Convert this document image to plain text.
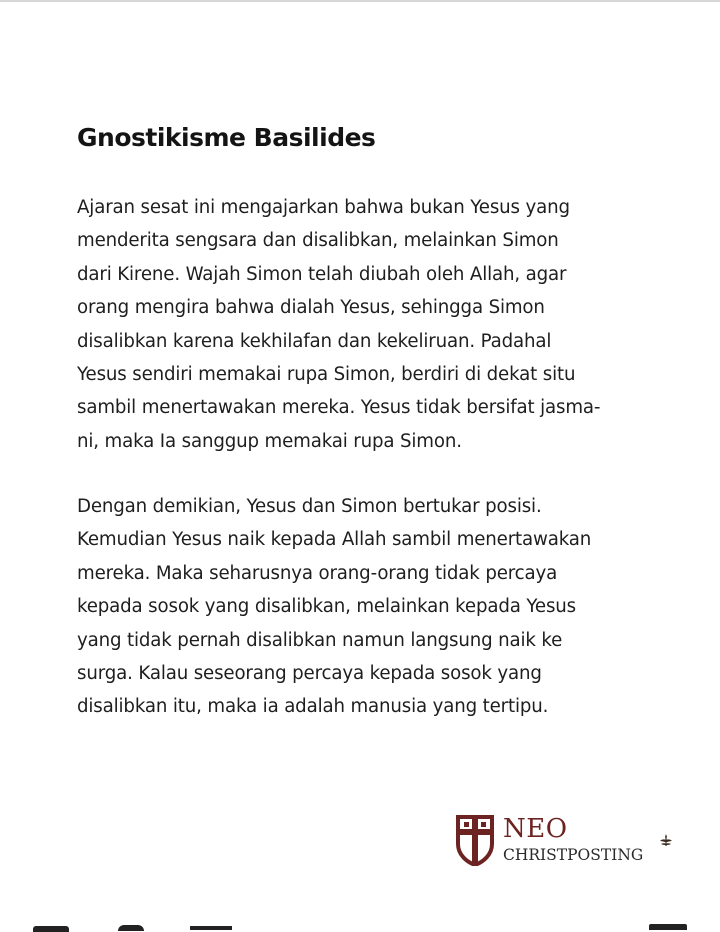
Gnostikisme Basilides

Ajaran sesat ini mengajarkan bahwa bukan Yesus yang
menderita sengsara dan disalibkan, melainkan Simon
dari Kirene. Wajah Simon telah diubah oleh Allah, agar
orang mengira bahwa dialah Yesus, sehingga Simon
disalibkan karena kekhilafan dan kekeliruan. Padahal
Yesus sendiri memakai rupa Simon, berdiri di dekat situ
sambil menertawakan mereka. Yesus tidak bersifat jasma-
ni, maka Ia sanggup memakai rupa Simon.

Dengan demikian, Yesus dan Simon bertukar posisi.
Kemudian Yesus naik kepada Allah sambil menertawakan
mereka. Maka seharusnya orang-orang tidak percaya
kepada sosok yang disalibkan, melainkan kepada Yesus
yang tidak pernah disalibkan namun langsung naik ke
surga. Kalau seseorang percaya kepada sosok yang
disalibkan itu, maka ia adalah manusia yang tertipu.

NEO
CHRISTPOSTING
